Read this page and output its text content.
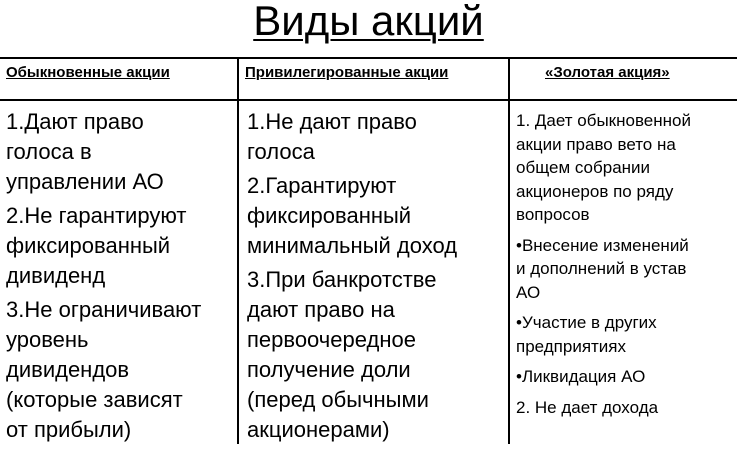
Виды акций
Обыкновенные акции	Привилегированные акции	«Золотая акция»
1.Дают право
голоса в
управлении АО
2.Не гарантируют
фиксированный
дивиденд
3.Не ограничивают
уровень
дивидендов
(которые зависят
от прибыли)
1.Не дают право
голоса
2.Гарантируют
фиксированный
минимальный доход
3.При банкротстве
дают право на
первоочередное
получение доли
(перед обычными
акционерами)
1. Дает обыкновенной
акции право вето на
общем собрании
акционеров по ряду
вопросов
•Внесение изменений
и дополнений в устав
АО
•Участие в других
предприятиях
•Ликвидация АО
2. Не дает дохода
